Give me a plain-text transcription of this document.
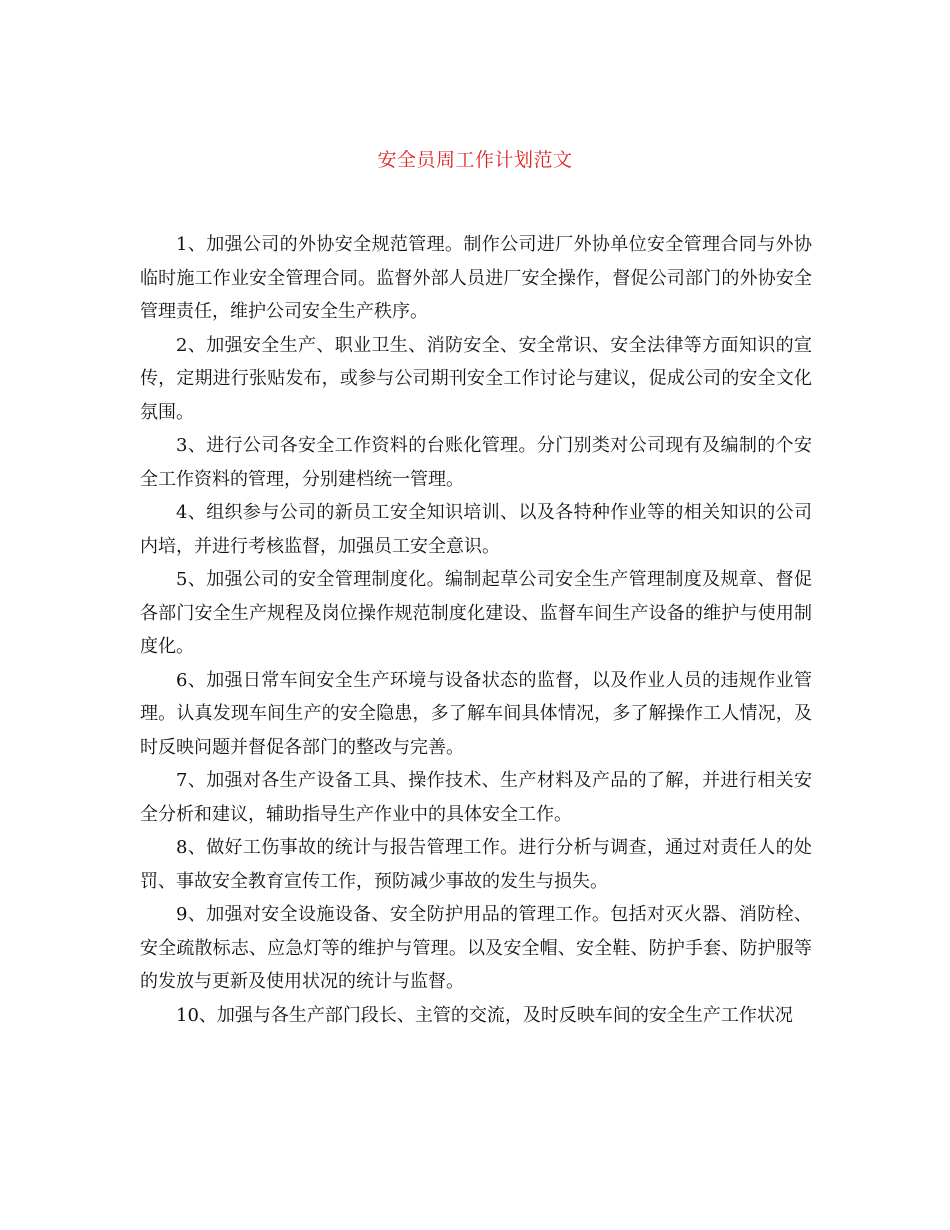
安全员周工作计划范文

1、加强公司的外协安全规范管理。制作公司进厂外协单位安全管理合同与外协临时施工作业安全管理合同。监督外部人员进厂安全操作，督促公司部门的外协安全管理责任，维护公司安全生产秩序。

2、加强安全生产、职业卫生、消防安全、安全常识、安全法律等方面知识的宣传，定期进行张贴发布，或参与公司期刊安全工作讨论与建议，促成公司的安全文化氛围。

3、进行公司各安全工作资料的台账化管理。分门别类对公司现有及编制的个安全工作资料的管理，分别建档统一管理。

4、组织参与公司的新员工安全知识培训、以及各特种作业等的相关知识的公司内培，并进行考核监督，加强员工安全意识。

5、加强公司的安全管理制度化。编制起草公司安全生产管理制度及规章、督促各部门安全生产规程及岗位操作规范制度化建设、监督车间生产设备的维护与使用制度化。

6、加强日常车间安全生产环境与设备状态的监督，以及作业人员的违规作业管理。认真发现车间生产的安全隐患，多了解车间具体情况，多了解操作工人情况，及时反映问题并督促各部门的整改与完善。

7、加强对各生产设备工具、操作技术、生产材料及产品的了解，并进行相关安全分析和建议，辅助指导生产作业中的具体安全工作。

8、做好工伤事故的统计与报告管理工作。进行分析与调查，通过对责任人的处罚、事故安全教育宣传工作，预防减少事故的发生与损失。

9、加强对安全设施设备、安全防护用品的管理工作。包括对灭火器、消防栓、安全疏散标志、应急灯等的维护与管理。以及安全帽、安全鞋、防护手套、防护服等的发放与更新及使用状况的统计与监督。

10、加强与各生产部门段长、主管的交流，及时反映车间的安全生产工作状况
